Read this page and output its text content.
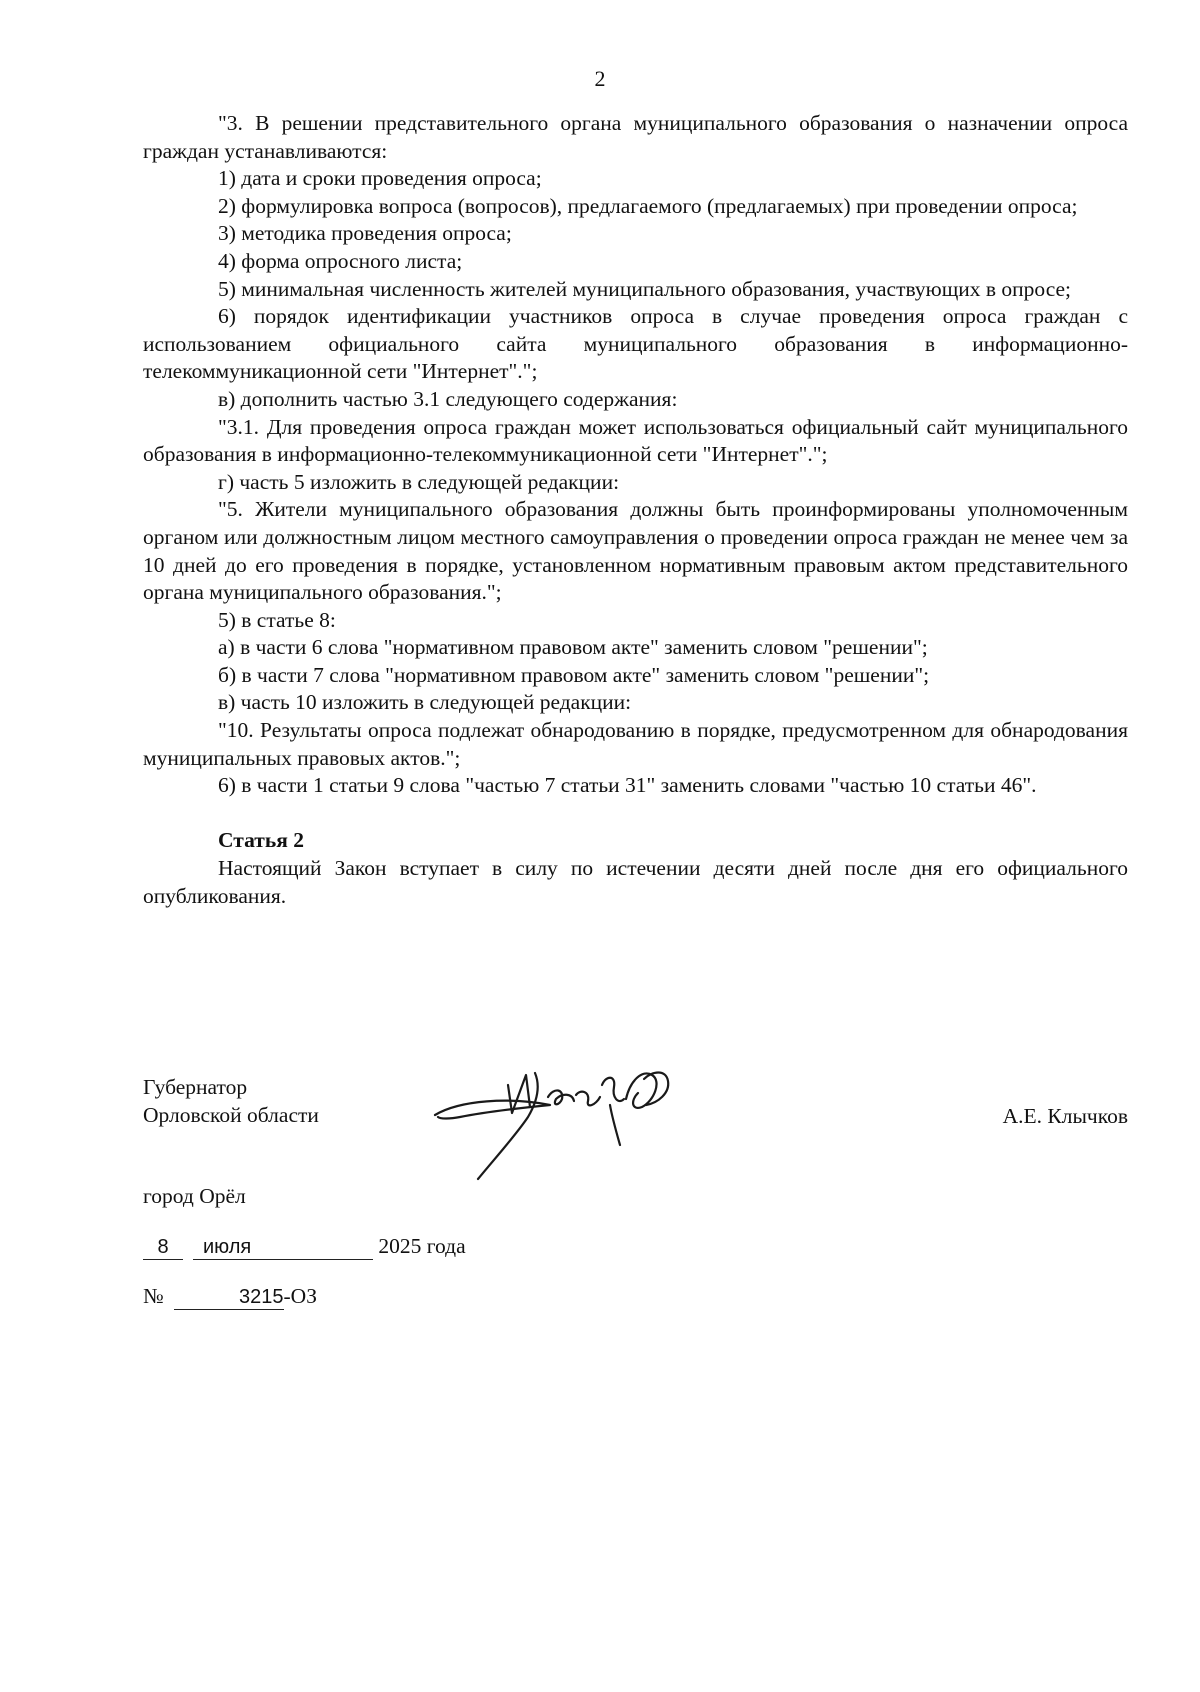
2

"3. В решении представительного органа муниципального образования о назначении опроса граждан устанавливаются:

1) дата и сроки проведения опроса;

2) формулировка вопроса (вопросов), предлагаемого (предлагаемых) при проведении опроса;

3) методика проведения опроса;

4) форма опросного листа;

5) минимальная численность жителей муниципального образования, участвующих в опросе;

6) порядок идентификации участников опроса в случае проведения опроса граждан с использованием официального сайта муниципального образования в информационно-телекоммуникационной сети "Интернет".";

в) дополнить частью 3.1 следующего содержания:

"3.1. Для проведения опроса граждан может использоваться официальный сайт муниципального образования в информационно-телекоммуникационной сети "Интернет".";

г) часть 5 изложить в следующей редакции:

"5. Жители муниципального образования должны быть проинформированы уполномоченным органом или должностным лицом местного самоуправления о проведении опроса граждан не менее чем за 10 дней до его проведения в порядке, установленном нормативным правовым актом представительного органа муниципального образования.";

5) в статье 8:

а) в части 6 слова "нормативном правовом акте" заменить словом "решении";

б) в части 7 слова "нормативном правовом акте" заменить словом "решении";

в) часть 10 изложить в следующей редакции:

"10. Результаты опроса подлежат обнародованию в порядке, предусмотренном для обнародования муниципальных правовых актов.";

6) в части 1 статьи 9 слова "частью 7 статьи 31" заменить словами "частью 10 статьи 46".

Статья 2

Настоящий Закон вступает в силу по истечении десяти дней после дня его официального опубликования.

Губернатор
Орловской области	А.Е. Клычков
город Орёл
8 июля	2025 года
№	3215-ОЗ
